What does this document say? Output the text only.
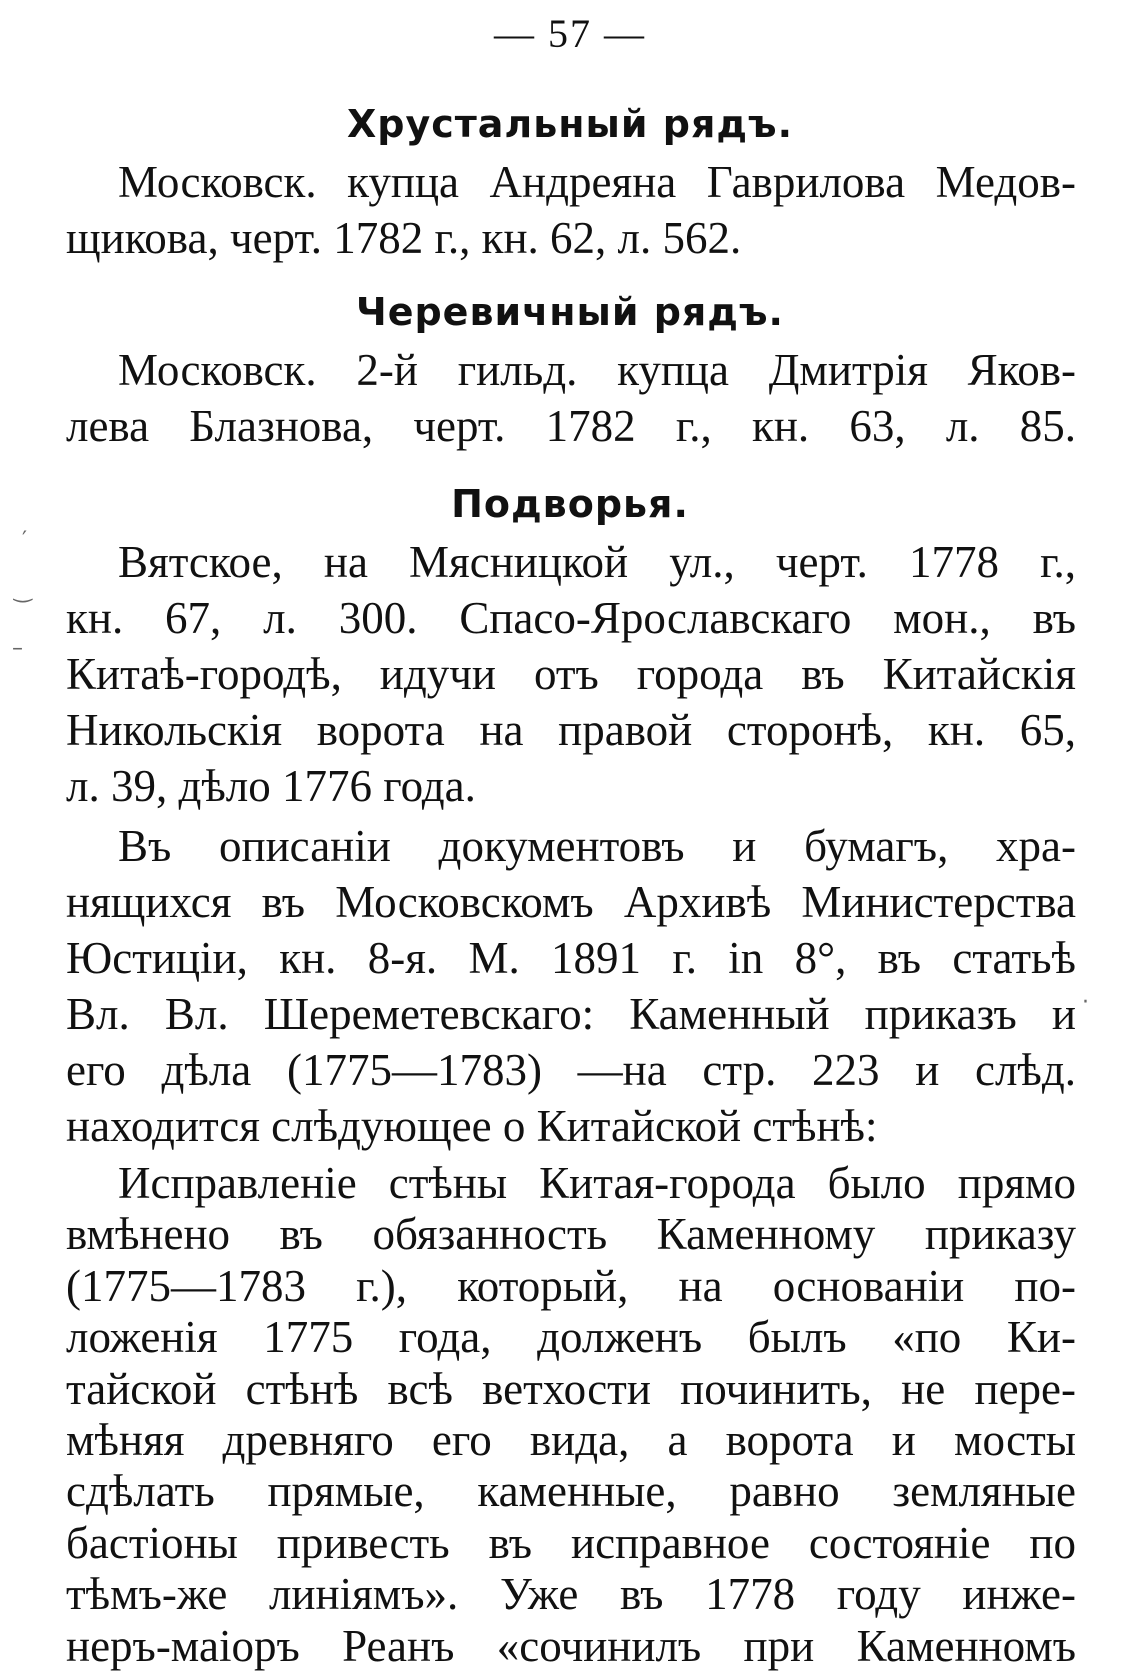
— 57 —
Хрустальный рядъ.
Московск. купца Андреяна Гаврилова Медов-
щикова, черт. 1782 г., кн. 62, л. 562.
Черевичный рядъ.
Московск. 2-й гильд. купца Дмитрія Яков-
лева Блазнова, черт. 1782 г., кн. 63, л. 85.
Подворья.
Вятское, на Мясницкой ул., черт. 1778 г.,
кн. 67, л. 300. Спасо-Ярославскаго мон., въ
Китаѣ-городѣ, идучи отъ города въ Китайскія
Никольскія ворота на правой сторонѣ, кн. 65,
л. 39, дѣло 1776 года.
Въ описаніи документовъ и бумагъ, хра-
нящихся въ Московскомъ Архивѣ Министерства
Юстиціи, кн. 8-я. М. 1891 г. in 8°, въ статьѣ
Вл. Вл. Шереметевскаго: Каменный приказъ и
его дѣла (1775—1783) —на стр. 223 и слѣд.
находится слѣдующее о Китайской стѣнѣ:
Исправленіе стѣны Китая-города было прямо
вмѣнено въ обязанность Каменному приказу
(1775—1783 г.), который, на основаніи по-
ложенія 1775 года, долженъ былъ «по Ки-
тайской стѣнѣ всѣ ветхости починить, не пере-
мѣняя древняго его вида, а ворота и мосты
сдѣлать прямые, каменные, равно земляные
бастіоны привесть въ исправное состояніе по
тѣмъ-же линіямъ». Уже въ 1778 году инже-
неръ-маіоръ Реанъ «сочинилъ при Каменномъ
′
‿
–
·
